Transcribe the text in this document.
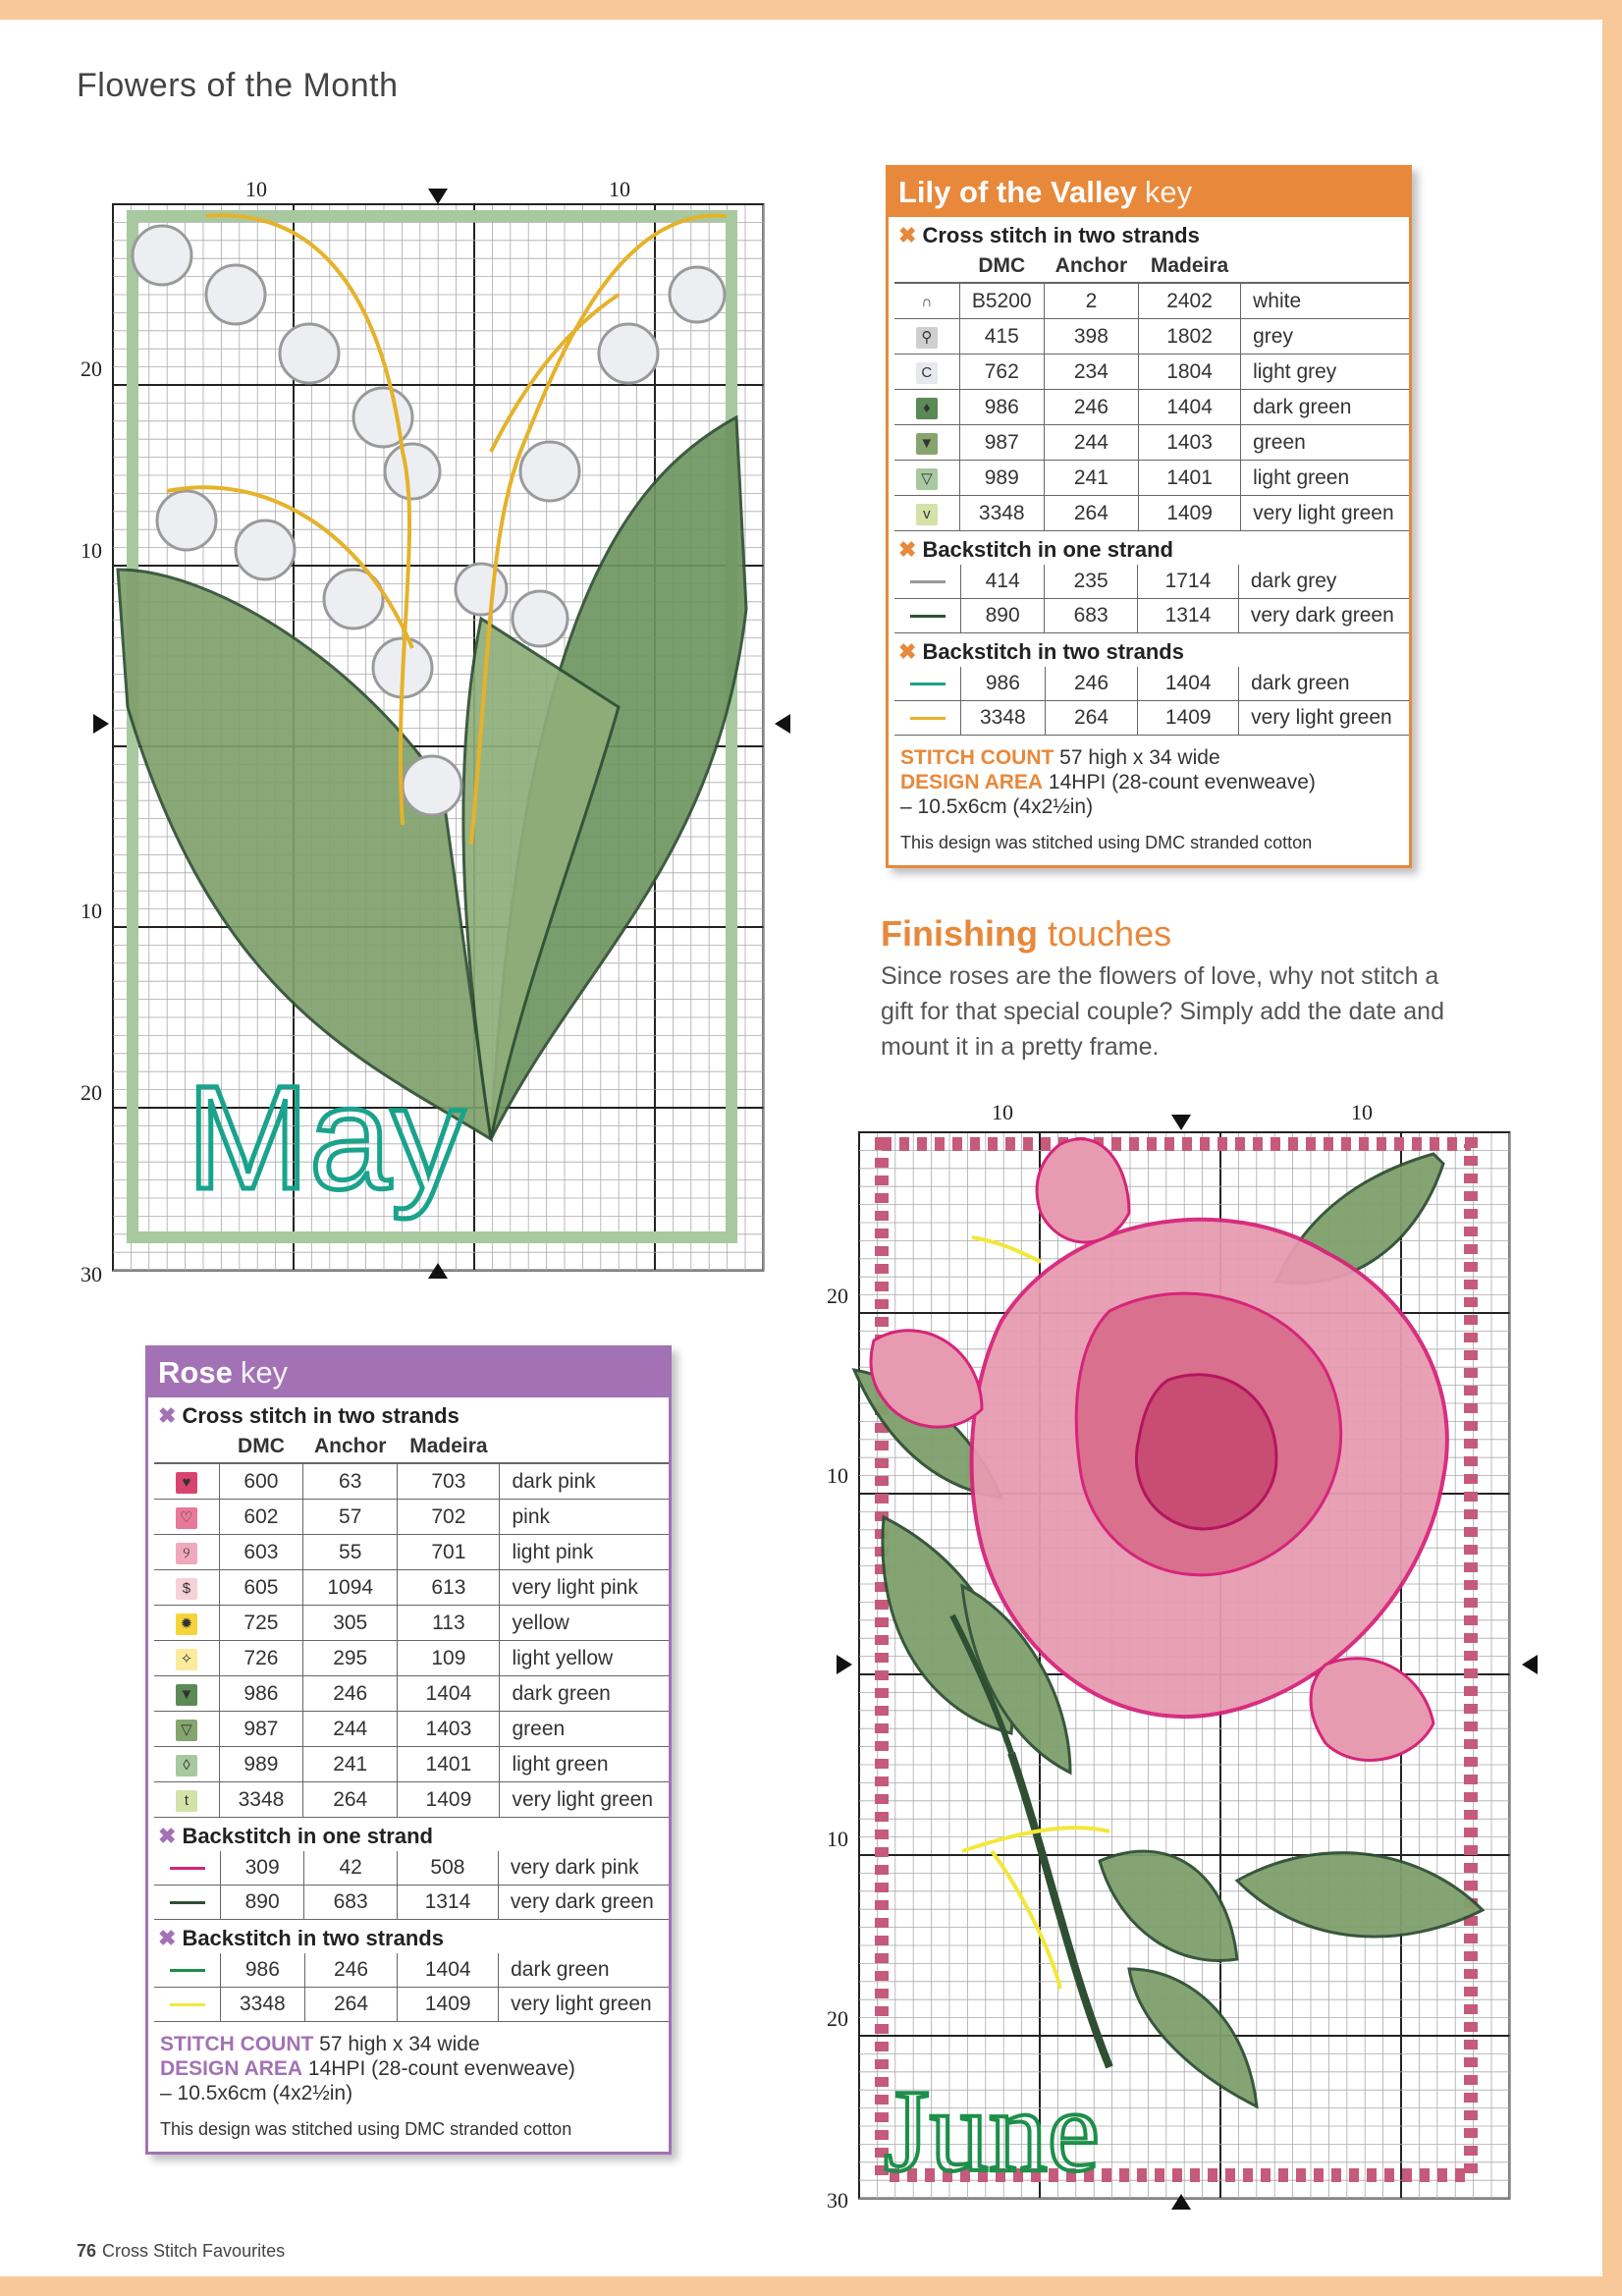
Flowers of the Month
May
10	10
20
10
10
20
30
Lily of the Valley key
✖ Cross stitch in two strands
	DMC	Anchor	Madeira	
∩	B5200	2	2402	white
⚲	415	398	1802	grey
C	762	234	1804	light grey
♦	986	246	1404	dark green
▼	987	244	1403	green
▽	989	241	1401	light green
v	3348	264	1409	very light green
✖ Backstitch in one strand
	414	235	1714	dark grey
	890	683	1314	very dark green
✖ Backstitch in two strands
	986	246	1404	dark green
	3348	264	1409	very light green
STITCH COUNT 57 high x 34 wide
DESIGN AREA 14HPI (28-count evenweave)
– 10.5x6cm (4x2½in)
This design was stitched using DMC stranded cotton
Finishing touches
Since roses are the flowers of love, why not stitch a gift for that special couple? Simply add the date and mount it in a pretty frame.
Rose key
✖ Cross stitch in two strands
	DMC	Anchor	Madeira	
♥	600	63	703	dark pink
♡	602	57	702	pink
୨	603	55	701	light pink
$	605	1094	613	very light pink
✹	725	305	113	yellow
✧	726	295	109	light yellow
▼	986	246	1404	dark green
▽	987	244	1403	green
◊	989	241	1401	light green
t	3348	264	1409	very light green
✖ Backstitch in one strand
	309	42	508	very dark pink
	890	683	1314	very dark green
✖ Backstitch in two strands
	986	246	1404	dark green
	3348	264	1409	very light green
STITCH COUNT 57 high x 34 wide
DESIGN AREA 14HPI (28-count evenweave)
– 10.5x6cm (4x2½in)
This design was stitched using DMC stranded cotton	June
10	10
20
10
10
20
30
76 Cross Stitch Favourites
